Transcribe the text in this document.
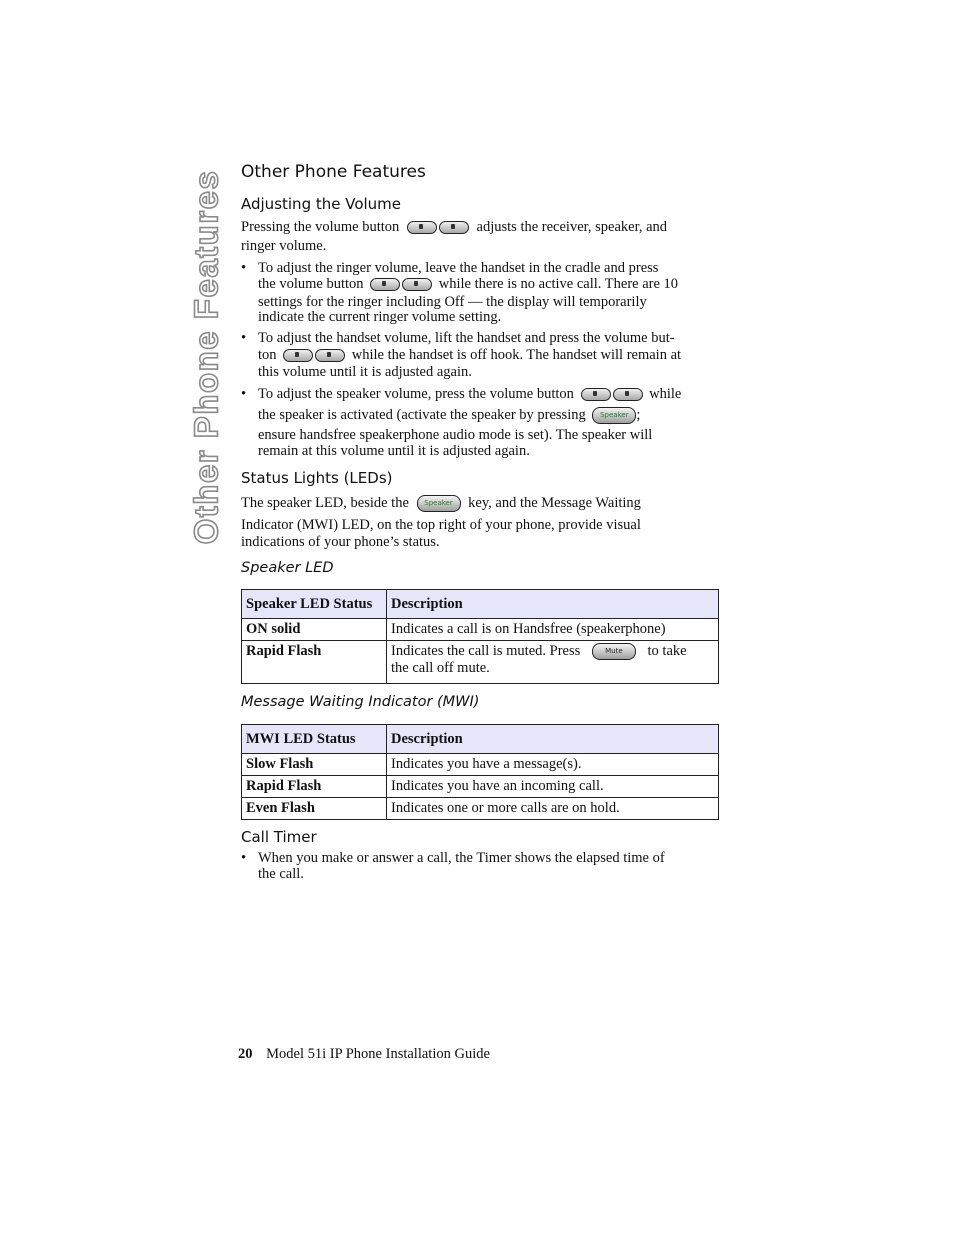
Other Phone Features Other Phone Features
Adjusting the Volume
Pressing the volume button	adjusts the receiver, speaker, and
ringer volume.
• To adjust the ringer volume, leave the handset in the cradle and press
the volume button	while there is no active call. There are 10
settings for the ringer including Off — the display will temporarily
indicate the current ringer volume setting.
• To adjust the handset volume, lift the handset and press the volume but-
ton	while the handset is off hook. The handset will remain at
this volume until it is adjusted again.
• To adjust the speaker volume, press the volume button	while
the speaker is activated (activate the speaker by pressing Speaker ;
ensure handsfree speakerphone audio mode is set). The speaker will
remain at this volume until it is adjusted again.
Status Lights (LEDs)
The speaker LED, beside the Speaker key, and the Message Waiting
Indicator (MWI) LED, on the top right of your phone, provide visual
indications of your phone’s status.
Speaker LED
Speaker LED Status	Description
ON solid	Indicates a call is on Handsfree (speakerphone)
Rapid Flash	Indicates the call is muted. Press Mute to take
the call off mute.
Message Waiting Indicator (MWI)
MWI LED Status	Description
Slow Flash	Indicates you have a message(s).
Rapid Flash	Indicates you have an incoming call.
Even Flash	Indicates one or more calls are on hold.
Call Timer
• When you make or answer a call, the Timer shows the elapsed time of
the call.
20 Model 51i IP Phone Installation Guide
